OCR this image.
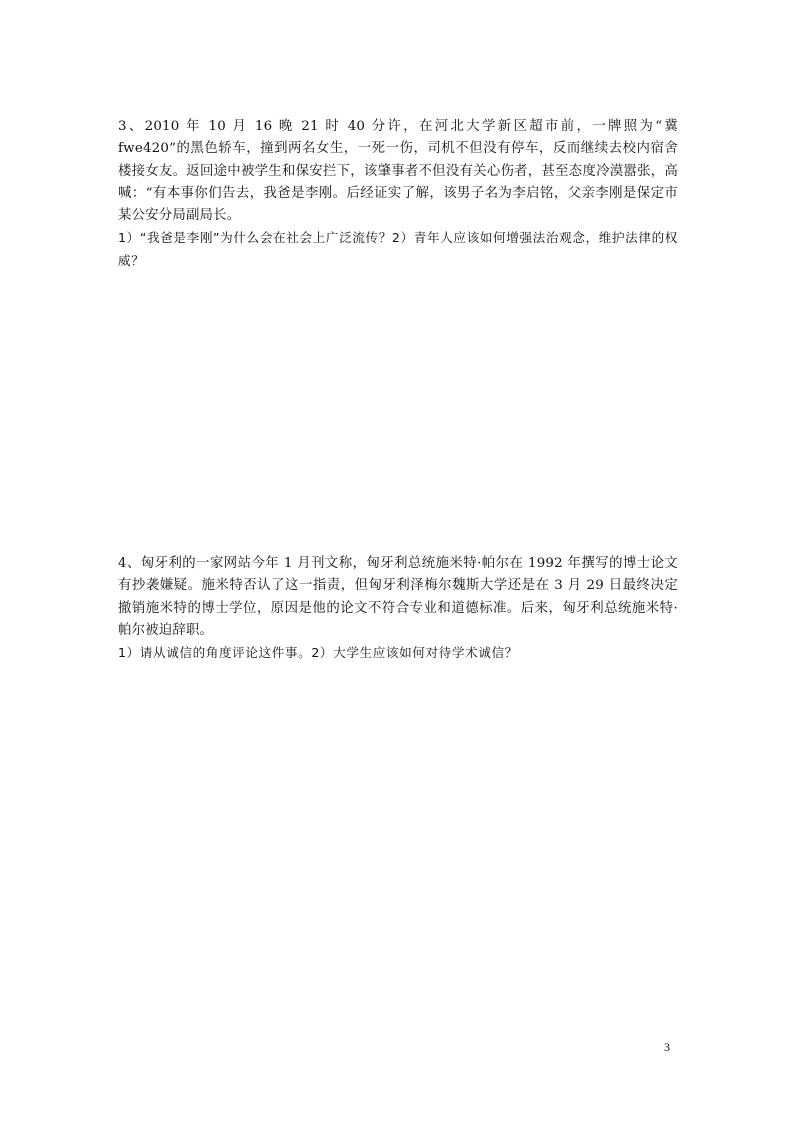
3、2010 年 10 月 16 晚 21 时 40 分许，在河北大学新区超市前，一牌照为“冀 fwe420”的黑色轿车，撞到两名女生，一死一伤，司机不但没有停车，反而继续去校内宿舍楼接女友。返回途中被学生和保安拦下，该肇事者不但没有关心伤者，甚至态度冷漠嚣张，高喊：“有本事你们告去，我爸是李刚。后经证实了解，该男子名为李启铭，父亲李刚是保定市某公安分局副局长。

1）“我爸是李刚”为什么会在社会上广泛流传？2）青年人应该如何增强法治观念，维护法律的权威？

4、匈牙利的一家网站今年 1 月刊文称，匈牙利总统施米特·帕尔在 1992 年撰写的博士论文有抄袭嫌疑。施米特否认了这一指责，但匈牙利泽梅尔魏斯大学还是在 3 月 29 日最终决定撤销施米特的博士学位，原因是他的论文不符合专业和道德标准。后来，匈牙利总统施米特·帕尔被迫辞职。

1）请从诚信的角度评论这件事。2）大学生应该如何对待学术诚信？

3
